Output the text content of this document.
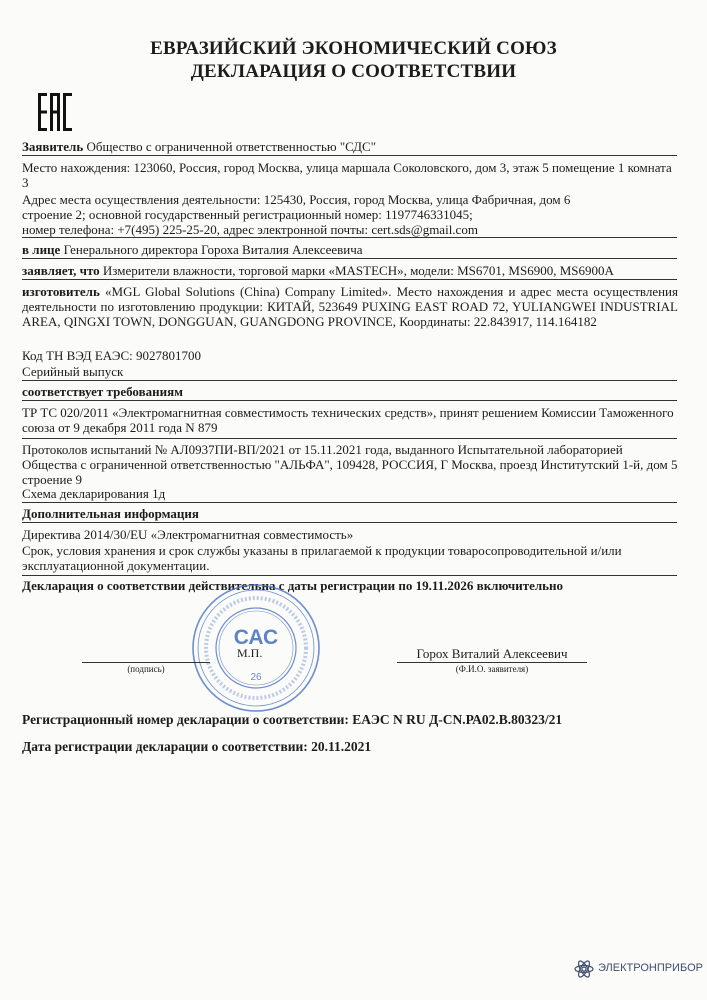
ЕВРАЗИЙСКИЙ ЭКОНОМИЧЕСКИЙ СОЮЗ
ДЕКЛАРАЦИЯ О СООТВЕТСТВИИ
Заявитель Общество с ограниченной ответственностью "СДС"
Место нахождения: 123060, Россия, город Москва, улица маршала Соколовского, дом 3, этаж 5 помещение 1 комната 3
Адрес места осуществления деятельности: 125430, Россия, город Москва, улица Фабричная, дом 6
строение 2; основной государственный регистрационный номер: 1197746331045;
номер телефона: +7(495) 225-25-20, адрес электронной почты: cert.sds@gmail.com
в лице Генерального директора Гороха Виталия Алексеевича
заявляет, что Измерители влажности, торговой марки «MASTECH», модели: MS6701, MS6900, MS6900A
изготовитель «MGL Global Solutions (China) Company Limited». Место нахождения и адрес места осуществления деятельности по изготовлению продукции: КИТАЙ, 523649 PUXING EAST ROAD 72, YULIANGWEI INDUSTRIAL AREA, QINGXI TOWN, DONGGUAN, GUANGDONG PROVINCE, Координаты: 22.843917, 114.164182
Код ТН ВЭД ЕАЭС: 9027801700
Серийный выпуск
соответствует требованиям
ТР ТС 020/2011 «Электромагнитная совместимость технических средств», принят решением Комиссии Таможенного союза от 9 декабря 2011 года N 879
Протоколов испытаний № АЛ0937ПИ-ВП/2021 от 15.11.2021 года, выданного Испытательной лабораторией Общества с ограниченной ответственностью "АЛЬФА", 109428, РОССИЯ, Г Москва, проезд Институтский 1-й, дом 5 строение 9
Схема декларирования 1д
Дополнительная информация
Директива 2014/30/EU «Электромагнитная совместимость»
Срок, условия хранения и срок службы указаны в прилагаемой к продукции товаросопроводительной и/или эксплуатационной документации.
Декларация о соответствии действительна с даты регистрации по 19.11.2026 включительно
САС
26
М.П.
(подпись)
Горох Виталий Алексеевич
(Ф.И.О. заявителя)
Регистрационный номер декларации о соответствии: ЕАЭС N RU Д-CN.РА02.В.80323/21
Дата регистрации декларации о соответствии: 20.11.2021
ЭЛЕКТРОНПРИБОР
